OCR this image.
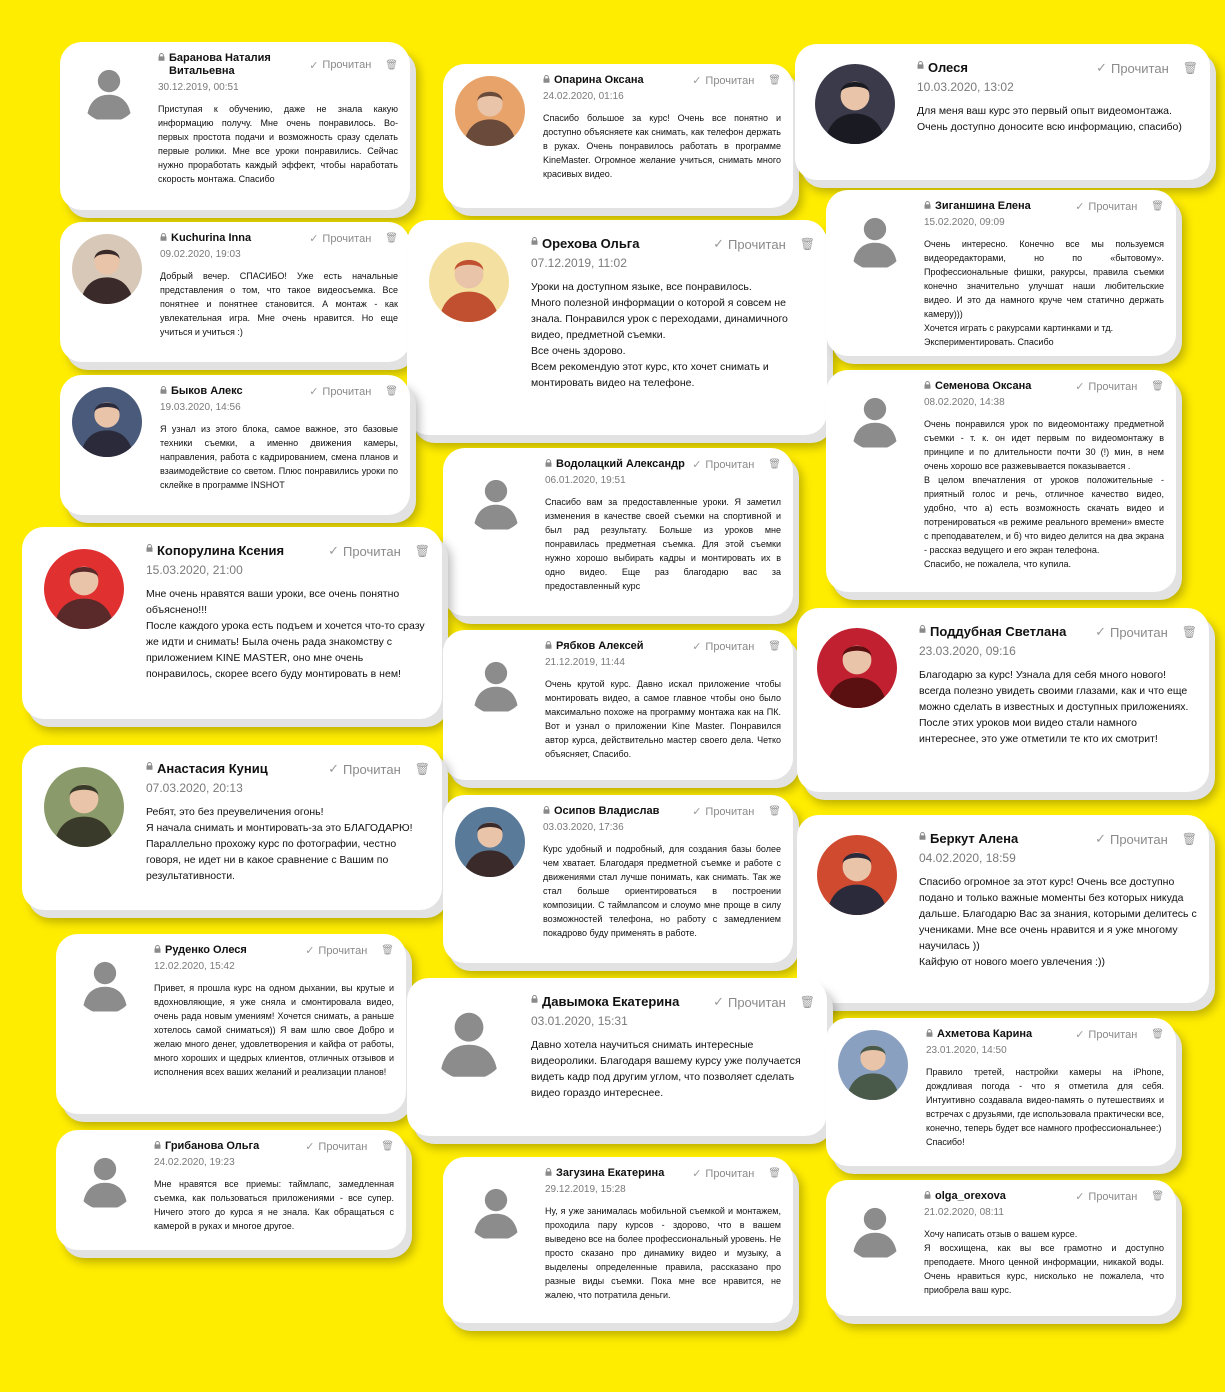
Баранова Наталия Витальевна	✓ Прочитан 🗑
30.12.2019, 00:51
Приступая к обучению, даже не знала какую информацию получу. Мне очень понравилось. Во-первых простота подачи и возможность сразу сделать первые ролики. Мне все уроки понравились. Сейчас нужно проработать каждый эффект, чтобы наработать скорость монтажа. Спасибо
Опарина Оксана	✓ Прочитан 🗑
24.02.2020, 01:16
Спасибо большое за курс! Очень все понятно и доступно объясняете как снимать, как телефон держать в руках. Очень понравилось работать в программе KineMaster. Огромное желание учиться, снимать много красивых видео.
Олеся	✓ Прочитан 🗑
10.03.2020, 13:02
Для меня ваш курс это первый опыт видеомонтажа.
Очень доступно доносите всю информацию, спасибо)
Kuchurina Inna	✓ Прочитан 🗑
09.02.2020, 19:03
Добрый вечер. СПАСИБО! Уже есть начальные представления о том, что такое видеосъемка. Все понятнее и понятнее становится. А монтаж - как увлекательная игра. Мне очень нравится. Но еще учиться и учиться :)
Орехова Ольга	✓ Прочитан 🗑
07.12.2019, 11:02
Уроки на доступном языке, все понравилось.
Много полезной информации о которой я совсем не знала. Понравился урок с переходами, динамичного видео, предметной съемки.
Все очень здорово.
Всем рекомендую этот курс, кто хочет снимать и монтировать видео на телефоне.
Зиганшина Елена	✓ Прочитан 🗑
15.02.2020, 09:09
Очень интересно. Конечно все мы пользуемся видеоредакторами, но по «бытовому». Профессиональные фишки, ракурсы, правила съемки конечно значительно улучшат наши любительские видео. И это да намного круче чем статично держать камеру)))
Хочется играть с ракурсами картинками и тд.
Экспериментировать. Спасибо
Быков Алекс	✓ Прочитан 🗑
19.03.2020, 14:56
Я узнал из этого блока, самое важное, это базовые техники съемки, а именно движения камеры, направления, работа с кадрированием, смена планов и взаимодействие со светом. Плюс понравились уроки по склейке в программе INSHOT
Семенова Оксана	✓ Прочитан 🗑
08.02.2020, 14:38
Очень понравился урок по видеомонтажу предметной съемки - т. к. он идет первым по видеомонтажу в принципе и по длительности почти 30 (!) мин, в нем очень хорошо все разжевывается показывается .
В целом впечатления от уроков положительные - приятный голос и речь, отличное качество видео, удобно, что а) есть возможность скачать видео и потренироваться «в режиме реального времени» вместе с преподавателем, и б) что видео делится на два экрана - рассказ ведущего и его экран телефона.
Спасибо, не пожалела, что купила.
Водолацкий Александр ✓ Прочитан 🗑
06.01.2020, 19:51
Спасибо вам за предоставленные уроки. Я заметил изменения в качестве своей съемки на спортивной и был рад результату. Больше из уроков мне понравилась предметная съемка. Для этой съемки нужно хорошо выбирать кадры и монтировать их в одно видео. Еще раз благодарю вас за предоставленный курс
Копорулина Ксения	✓ Прочитан 🗑
15.03.2020, 21:00
Мне очень нравятся ваши уроки, все очень понятно объяснено!!!
После каждого урока есть подъем и хочется что-то сразу же идти и снимать! Была очень рада знакомству с приложением KINE MASTER, оно мне очень понравилось, скорее всего буду монтировать в нем!
Рябков Алексей	✓ Прочитан 🗑
21.12.2019, 11:44
Очень крутой курс. Давно искал приложение чтобы монтировать видео, а самое главное чтобы оно было максимально похоже на программу монтажа как на ПК. Вот и узнал о приложении Kine Master. Понравился автор курса, действительно мастер своего дела. Четко объясняет, Спасибо.
Поддубная Светлана ✓ Прочитан 🗑
23.03.2020, 09:16
Благодарю за курс! Узнала для себя много нового! всегда полезно увидеть своими глазами, как и что еще можно сделать в известных и доступных приложениях.
После этих уроков мои видео стали намного интереснее, это уже отметили те кто их смотрит!
Анастасия Куниц	✓ Прочитан 🗑
07.03.2020, 20:13
Ребят, это без преувеличения огонь!
Я начала снимать и монтировать-за это БЛАГОДАРЮ!
Параллельно прохожу курс по фотографии, честно говоря, не идет ни в какое сравнение с Вашим по результативности.
Осипов Владислав	✓ Прочитан 🗑
03.03.2020, 17:36
Курс удобный и подробный, для создания базы более чем хватает. Благодаря предметной съемке и работе с движениями стал лучше понимать, как снимать. Так же стал больше ориентироваться в построении композиции. С таймлапсом и слоумо мне проще в силу возможностей телефона, но работу с замедлением покадрово буду применять в работе.
Беркут Алена	✓ Прочитан 🗑
04.02.2020, 18:59
Спасибо огромное за этот курс! Очень все доступно подано и только важные моменты без которых никуда дальше. Благодарю Вас за знания, которыми делитесь с учениками. Мне все очень нравится и я уже многому научилась ))
Кайфую от нового моего увлечения :))
Руденко Олеся	✓ Прочитан 🗑
12.02.2020, 15:42
Привет, я прошла курс на одном дыхании, вы крутые и вдохновляющие, я уже сняла и смонтировала видео, очень рада новым умениям! Хочется снимать, а раньше хотелось самой сниматься)) Я вам шлю свое Добро и желаю много денег, удовлетворения и кайфа от работы, много хороших и щедрых клиентов, отличных отзывов и исполнения всех ваших желаний и реализации планов!
Давымока Екатерина	✓ Прочитан 🗑
03.01.2020, 15:31
Давно хотела научиться снимать интересные видеоролики. Благодаря вашему курсу уже получается видеть кадр под другим углом, что позволяет сделать видео гораздо интереснее.
Ахметова Карина	✓ Прочитан 🗑
23.01.2020, 14:50
Правило третей, настройки камеры на iPhone, дождливая погода - что я отметила для себя. Интуитивно создавала видео-память о путешествиях и встречах с друзьями, где использовала практически все, конечно, теперь будет все намного профессиональнее:)
Спасибо!
Грибанова Ольга	✓ Прочитан 🗑
24.02.2020, 19:23
Мне нравятся все приемы: таймлапс, замедленная съемка, как пользоваться приложениями - все супер. Ничего этого до курса я не знала. Как обращаться с камерой в руках и многое другое.
Загузина Екатерина	✓ Прочитан 🗑
29.12.2019, 15:28
Ну, я уже занималась мобильной съемкой и монтажем, проходила пару курсов - здорово, что в вашем выведено все на более профессиональный уровень. Не просто сказано про динамику видео и музыку, а выделены определенные правила, рассказано про разные виды съемки. Пока мне все нравится, не жалею, что потратила деньги.
olga_orexova	✓ Прочитан 🗑
21.02.2020, 08:11
Хочу написать отзыв о вашем курсе.
Я восхищена, как вы все грамотно и доступно преподаете. Много ценной информации, никакой воды. Очень нравиться курс, нисколько не пожалела, что приобрела ваш курс.
